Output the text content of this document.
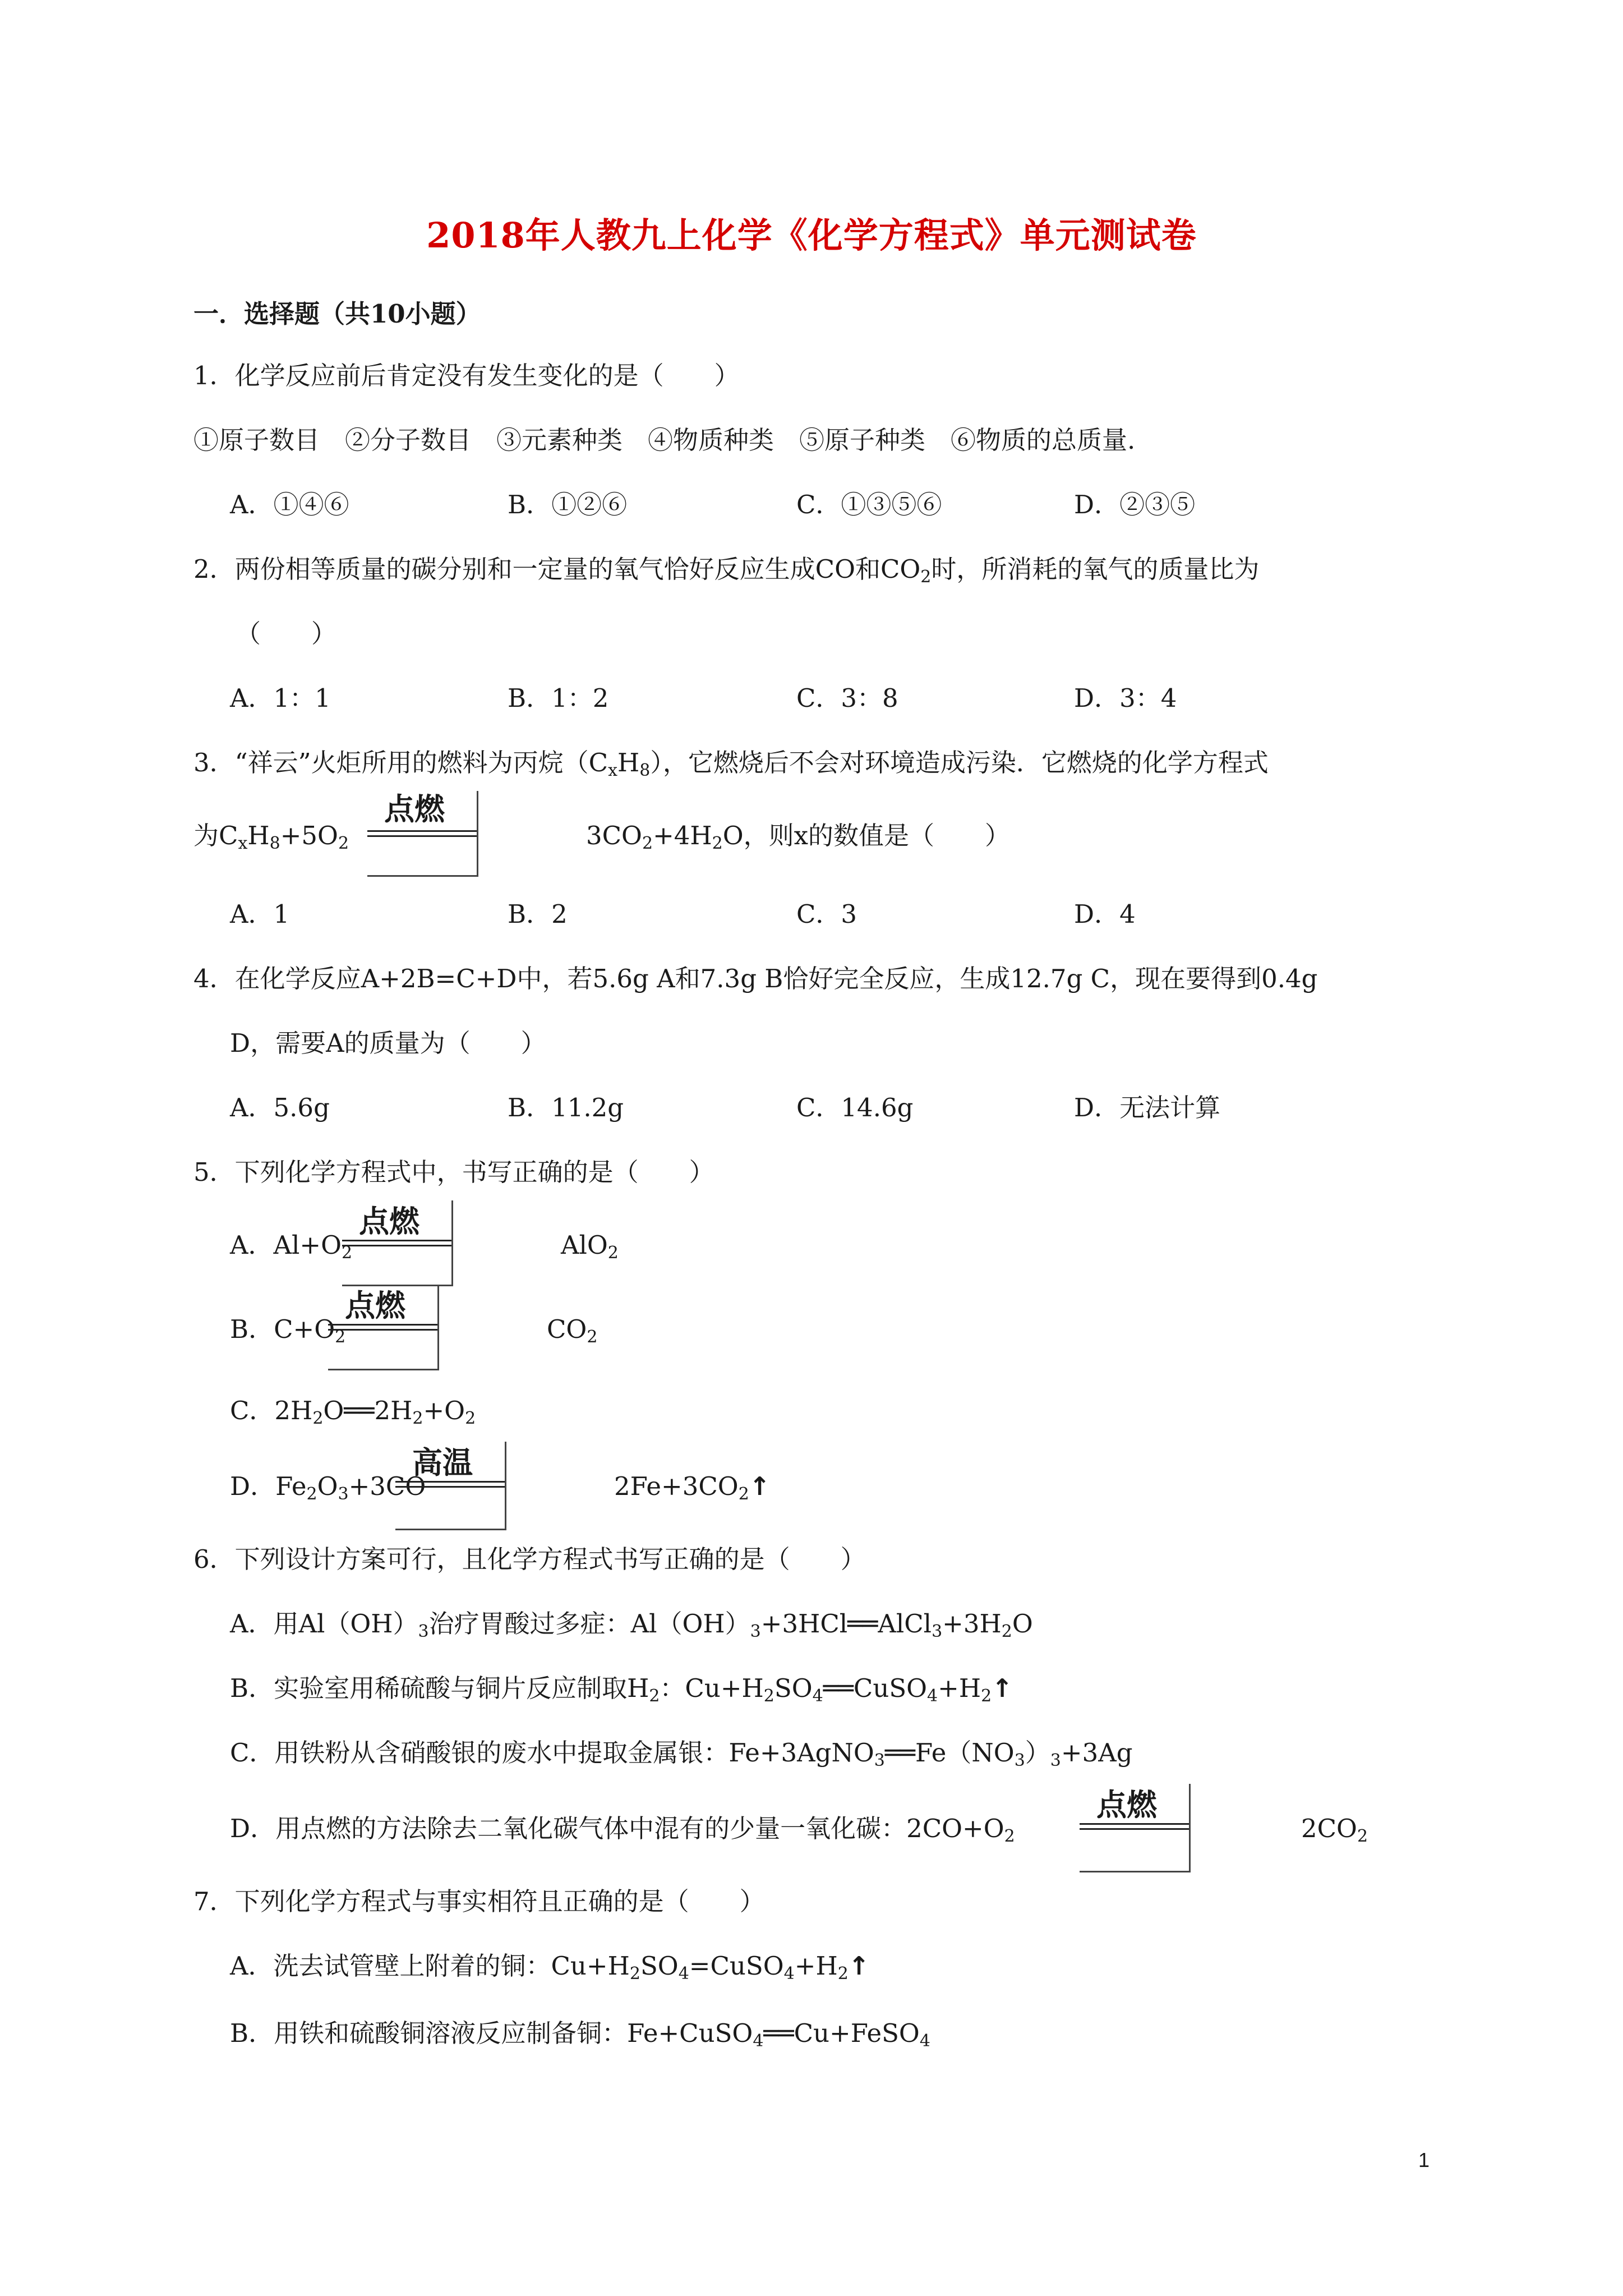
2018年人教九上化学《化学方程式》单元测试卷
一．选择题（共10小题）
1．化学反应前后肯定没有发生变化的是（　　）
①原子数目　②分子数目　③元素种类　④物质种类　⑤原子种类　⑥物质的总质量.
A．①④⑥	B．①②⑥	C．①③⑤⑥	D．②③⑤
2．两份相等质量的碳分别和一定量的氧气恰好反应生成CO和$CO_2$时，所消耗的氧气的质量比为
（　　）
A．1：1	B．1：2	C．3：8	D．3：4
3．“祥云”火炬所用的燃料为丙烷$(C_xH_8)$，它燃烧后不会对环境造成污染．它燃烧的化学方程式
为$C_xH_8+5O_2$
点燃
$3CO_2+4H_2O$，则x的数值是（　　）
A．1	B．2	C．3	D．4
4．在化学反应A+2B=C+D中，若5.6g A和7.3g B恰好完全反应，生成12.7g C，现在要得到0.4g
D，需要A的质量为（　　）
A．5.6g	B．11.2g	C．14.6g	D．无法计算
5．下列化学方程式中，书写正确的是（　　）
A．$Al+O_2$
点燃
AlO$_2$
B．$C+O_2$
点燃
$CO_2$
C．$2H_2O══2H_2+O_2$
D．$Fe_2O_3+3CO$
高温
$2Fe+3CO_2↑$
6．下列设计方案可行，且化学方程式书写正确的是（　　）
A．用$Al(OH)_3$治疗胃酸过多症：$Al(OH)_3+3HCl══AlCl_3+3H_2O$
B．实验室用稀硫酸与铜片反应制取$H_2$：$Cu+H_2SO_4══CuSO_4+H_2↑$
C．用铁粉从含硝酸银的废水中提取金属银：$Fe+3AgNO_3══Fe(NO_3)_3+3Ag$
D．用点燃的方法除去二氧化碳气体中混有的少量一氧化碳：$2CO+O_2$
点燃
$2CO_2$
7．下列化学方程式与事实相符且正确的是（　　）
A．洗去试管壁上附着的铜：$Cu+H_2SO_4=CuSO_4+H_2↑$
B．用铁和硫酸铜溶液反应制备铜：Fe+CuSO$_4$══Cu+FeSO$_4$
1
